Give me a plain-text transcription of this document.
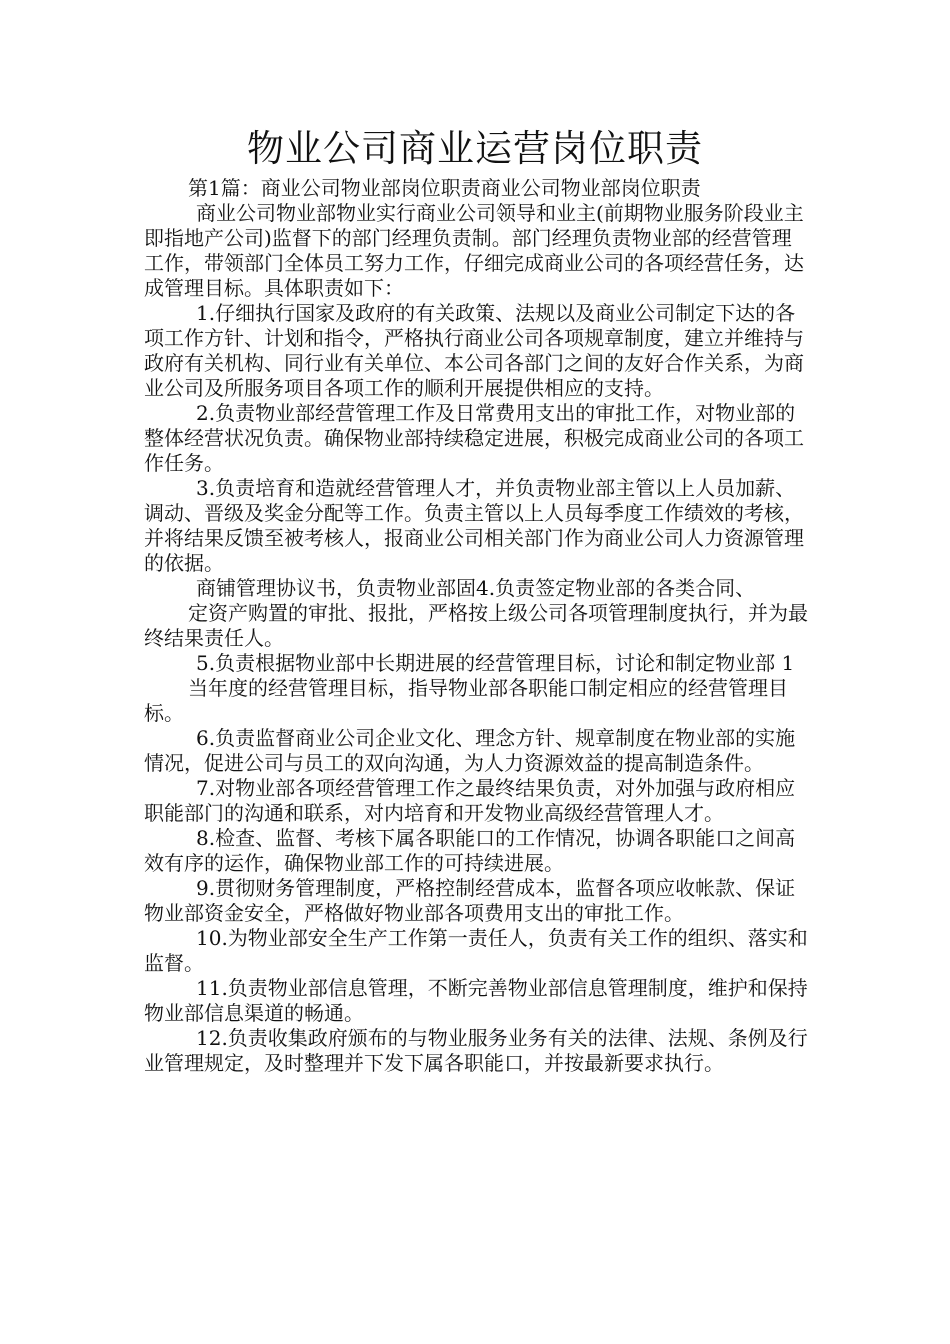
物业公司商业运营岗位职责

第1篇：商业公司物业部岗位职责商业公司物业部岗位职责

商业公司物业部物业实行商业公司领导和业主(前期物业服务阶段业主即指地产公司)监督下的部门经理负责制。部门经理负责物业部的经营管理工作，带领部门全体员工努力工作，仔细完成商业公司的各项经营任务，达成管理目标。具体职责如下：

1.仔细执行国家及政府的有关政策、法规以及商业公司制定下达的各项工作方针、计划和指令，严格执行商业公司各项规章制度，建立并维持与政府有关机构、同行业有关单位、本公司各部门之间的友好合作关系，为商业公司及所服务项目各项工作的顺利开展提供相应的支持。

2.负责物业部经营管理工作及日常费用支出的审批工作，对物业部的整体经营状况负责。确保物业部持续稳定进展，积极完成商业公司的各项工作任务。

3.负责培育和造就经营管理人才，并负责物业部主管以上人员加薪、调动、晋级及奖金分配等工作。负责主管以上人员每季度工作绩效的考核，并将结果反馈至被考核人，报商业公司相关部门作为商业公司人力资源管理的依据。

商铺管理协议书，负责物业部固4.负责签定物业部的各类合同、

定资产购置的审批、报批，严格按上级公司各项管理制度执行，并为最终结果责任人。

5.负责根据物业部中长期进展的经营管理目标，讨论和制定物业部 1

当年度的经营管理目标，指导物业部各职能口制定相应的经营管理目标。

6.负责监督商业公司企业文化、理念方针、规章制度在物业部的实施情况，促进公司与员工的双向沟通，为人力资源效益的提高制造条件。

7.对物业部各项经营管理工作之最终结果负责，对外加强与政府相应职能部门的沟通和联系，对内培育和开发物业高级经营管理人才。

8.检查、监督、考核下属各职能口的工作情况，协调各职能口之间高效有序的运作，确保物业部工作的可持续进展。

9.贯彻财务管理制度，严格控制经营成本，监督各项应收帐款、保证物业部资金安全，严格做好物业部各项费用支出的审批工作。

10.为物业部安全生产工作第一责任人，负责有关工作的组织、落实和监督。

11.负责物业部信息管理，不断完善物业部信息管理制度，维护和保持物业部信息渠道的畅通。

12.负责收集政府颁布的与物业服务业务有关的法律、法规、条例及行业管理规定，及时整理并下发下属各职能口，并按最新要求执行。
